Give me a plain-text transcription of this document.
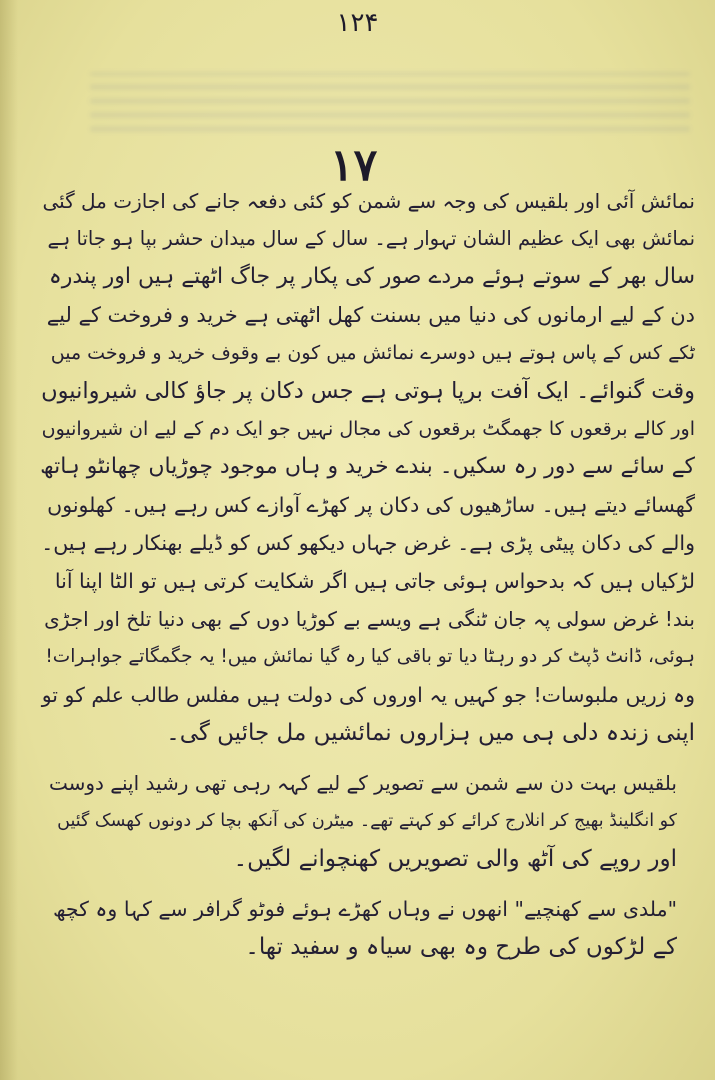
۱۲۴
۱۷
نمائش آئی اور بلقیس کی وجہ سے شمن کو کئی دفعہ جانے کی اجازت مل گئی
نمائش بھی ایک عظیم الشان تہوار ہے۔ سال کے سال میدان حشر بپا ہو جاتا ہے
سال بھر کے سوتے ہوئے مردے صور کی پکار پر جاگ اٹھتے ہیں اور پندرہ
دن کے لیے ارمانوں کی دنیا میں بسنت کھل اٹھتی ہے خرید و فروخت کے لیے
ٹکے کس کے پاس ہوتے ہیں دوسرے نمائش میں کون بے وقوف خرید و فروخت میں
وقت گنوائے۔ ایک آفت برپا ہوتی ہے جس دکان پر جاؤ کالی شیروانیوں
اور کالے برقعوں کا جھمگٹ برقعوں کی مجال نہیں جو ایک دم کے لیے ان شیروانیوں
کے سائے سے دور رہ سکیں۔ بندے خرید و ہاں موجود چوڑیاں چھانٹو ہاتھ
گھسائے دیتے ہیں۔ ساڑھیوں کی دکان پر کھڑے آوازے کس رہے ہیں۔ کھلونوں
والے کی دکان پیٹی پڑی ہے۔ غرض جہاں دیکھو کس کو ڈیلے بھنکار رہے ہیں۔
لڑکیاں ہیں کہ بدحواس ہوئی جاتی ہیں اگر شکایت کرتی ہیں تو الٹا اپنا آنا
بند! غرض سولی پہ جان ٹنگی ہے ویسے بے کوڑیا دوں کے بھی دنیا تلخ اور اجڑی
ہوئی، ڈانٹ ڈپٹ کر دو رہٹا دیا تو باقی کیا رہ گیا نمائش میں! یہ جگمگاتے جواہرات!
وہ زریں ملبوسات! جو کہیں یہ اوروں کی دولت ہیں مفلس طالب علم کو تو
اپنی زندہ دلی ہی میں ہزاروں نمائشیں مل جائیں گی۔
بلقیس بہت دن سے شمن سے تصویر کے لیے کہہ رہی تھی رشید اپنے دوست
کو انگلینڈ بھیج کر انلارج کرائے کو کہتے تھے۔ میٹرن کی آنکھ بچا کر دونوں کھسک گئیں
اور روپے کی آٹھ والی تصویریں کھنچوانے لگیں۔
"ملدی سے کھنچیے" انھوں نے وہاں کھڑے ہوئے فوٹو گرافر سے کہا وہ کچھ
کے لڑکوں کی طرح وہ بھی سیاہ و سفید تھا۔
